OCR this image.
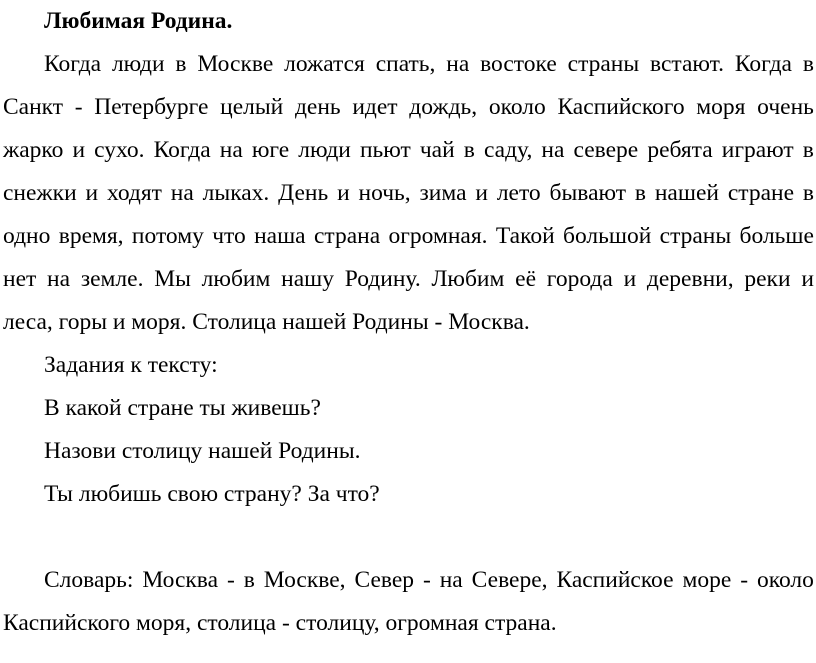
Любимая Родина.
Когда люди в Москве ложатся спать, на востоке страны встают. Когда в
Санкт - Петербурге целый день идет дождь, около Каспийского моря очень
жарко и сухо. Когда на юге люди пьют чай в саду, на севере ребята играют в
снежки и ходят на лыках. День и ночь, зима и лето бывают в нашей стране в
одно время, потому что наша страна огромная. Такой большой страны больше
нет на земле. Мы любим нашу Родину. Любим её города и деревни, реки и
леса, горы и моря. Столица нашей Родины - Москва.
Задания к тексту:
В какой стране ты живешь?
Назови столицу нашей Родины.
Ты любишь свою страну? За что?
Словарь: Москва - в Москве, Север - на Севере, Каспийское море - около
Каспийского моря, столица - столицу, огромная страна.
